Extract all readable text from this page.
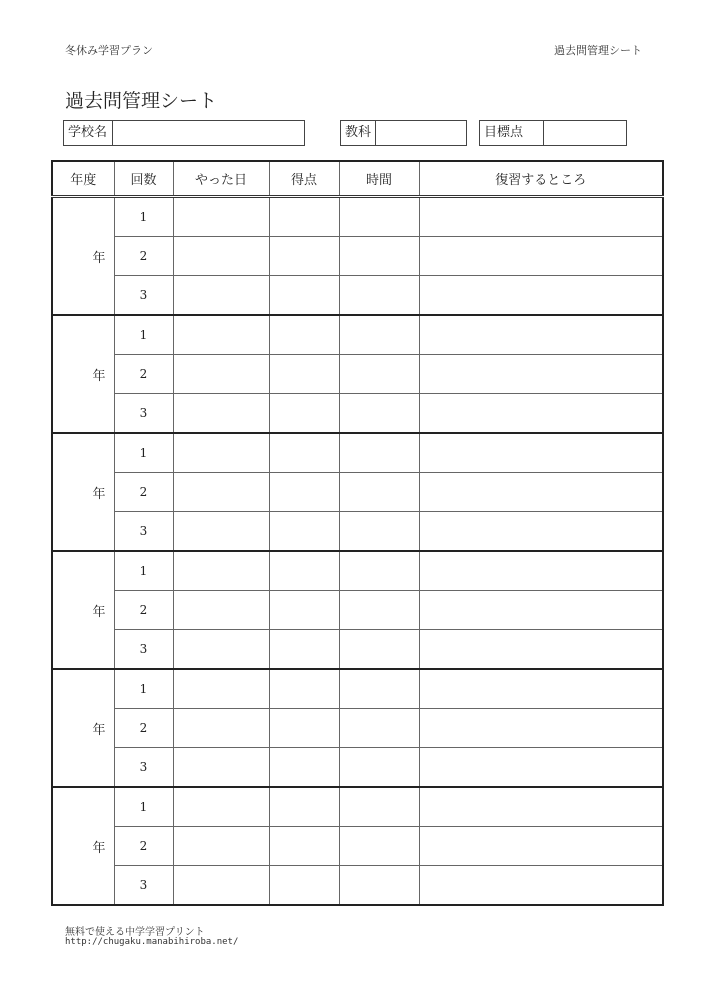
冬休み学習プラン	過去問管理シート
過去問管理シート
学校名	教科	目標点
年度	回数	やった日	得点	時間	復習するところ
年	1				
	2				
	3				
年	1				
	2				
	3				
年	1				
	2				
	3				
年	1				
	2				
	3				
年	1				
	2				
	3				
年	1				
	2				
	3				
無料で使える中学学習プリント
http://chugaku.manabihiroba.net/
